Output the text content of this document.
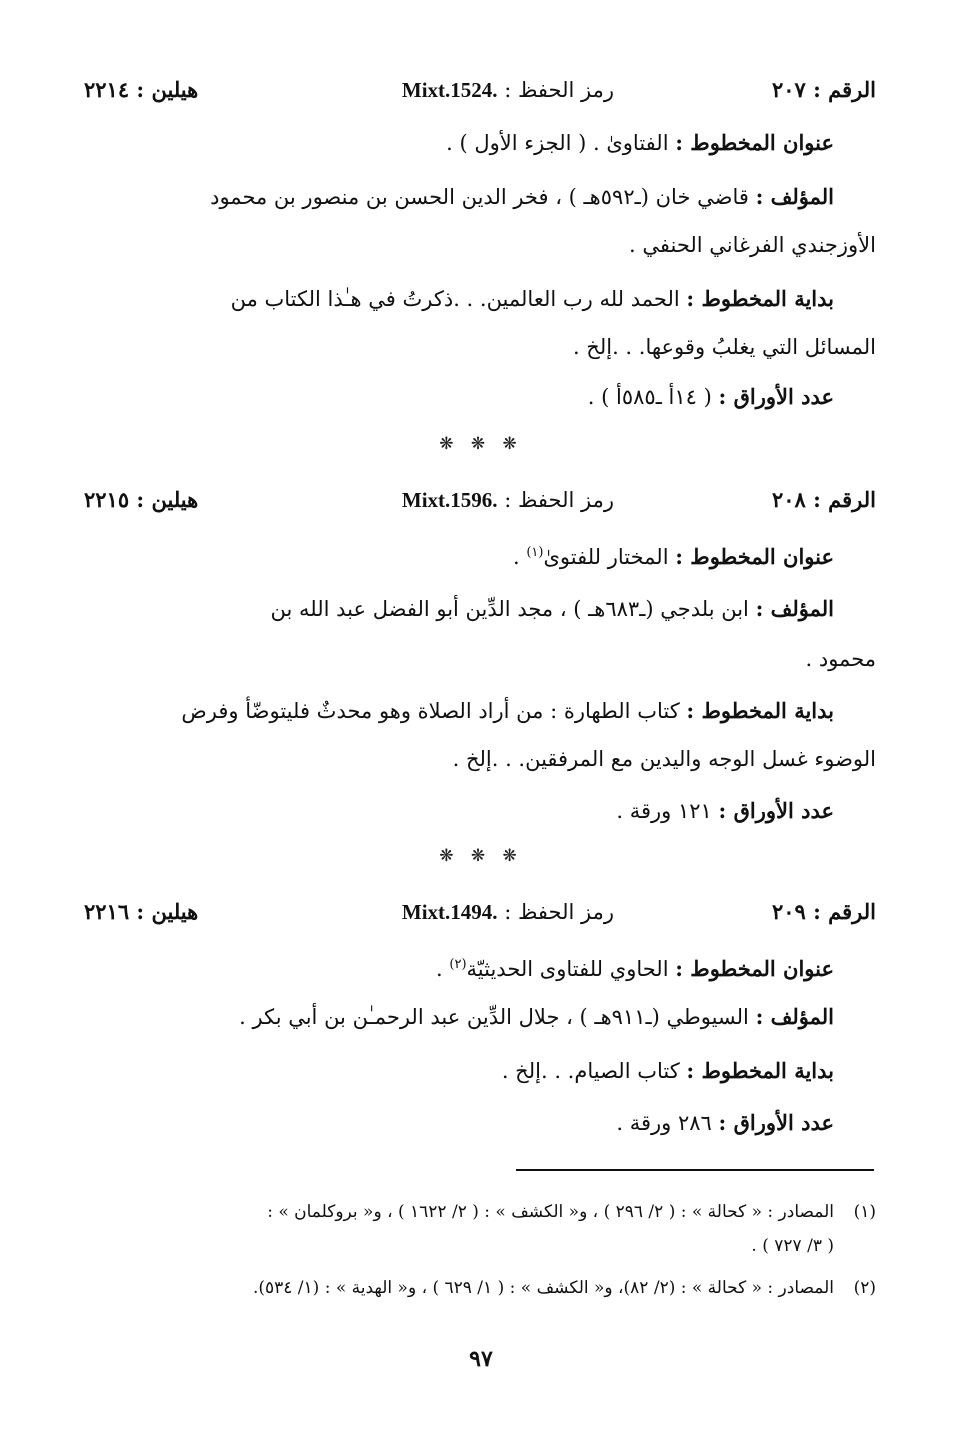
الرقم : ٢٠٧
رمز الحفظ : Mixt.1524.
هيلين : ٢٢١٤
عنوان المخطوط : الفتاوىٰ . ( الجزء الأول ) .
المؤلف : قاضي خان (ـ٥٩٢هـ ) ، فخر الدين الحسن بن منصور بن محمود
الأوزجندي الفرغاني الحنفي .
بداية المخطوط : الحمد لله رب العالمين. . .ذكرتُ في هـٰذا الكتاب من
المسائل التي يغلبُ وقوعها. . .إلخ .
عدد الأوراق : ( ١٤أ ـ٥٨٥أ ) .
❋ ❋ ❋
الرقم : ٢٠٨
رمز الحفظ : Mixt.1596.
هيلين : ٢٢١٥
عنوان المخطوط : المختار للفتوىٰ$^{(١)}$ .
المؤلف : ابن بلدجي (ـ٦٨٣هـ ) ، مجد الدِّين أبو الفضل عبد الله بن
محمود .
بداية المخطوط : كتاب الطهارة : من أراد الصلاة وهو محدثٌ فليتوضّأ وفرض
الوضوء غسل الوجه واليدين مع المرفقين. . .إلخ .
عدد الأوراق : ١٢١ ورقة .
❋ ❋ ❋
الرقم : ٢٠٩
رمز الحفظ : Mixt.1494.
هيلين : ٢٢١٦
عنوان المخطوط : الحاوي للفتاوى الحديثيّة$^{(٢)}$ .
المؤلف : السيوطي (ـ٩١١هـ ) ، جلال الدِّين عبد الرحمـٰن بن أبي بكر .
بداية المخطوط : كتاب الصيام. . .إلخ .
عدد الأوراق : ٢٨٦ ورقة .
(١)المصادر : « كحالة » : ( ٢/ ٢٩٦ ) ، و« الكشف » : ( ٢/ ١٦٢٢ ) ، و« بروكلمان » :
( ٣/ ٧٢٧ ) .
(٢)المصادر : « كحالة » : (٢/ ٨٢)، و« الكشف » : ( ١/ ٦٢٩ ) ، و« الهدية » : (١/ ٥٣٤).
٩٧
